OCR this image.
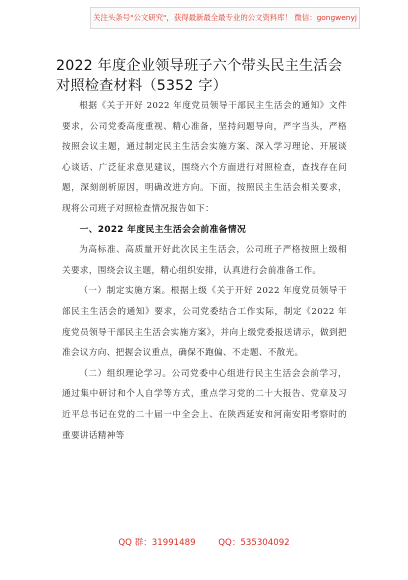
关注头条号"公文研究"，获得最新最全最专业的公文资料库！ 微信：gongwenyj
2022 年度企业领导班子六个带头民主生活会对照检查材料（5352 字）

根据《关于开好 2022 年度党员领导干部民主生活会的通知》文件要求，公司党委高度重视、精心准备，坚持问题导向，严字当头，严格按照会议主题，通过制定民主生活会实施方案、深入学习理论、开展谈心谈话、广泛征求意见建议，围绕六个方面进行对照检查，查找存在问题，深刻剖析原因，明确改进方向。下面，按照民主生活会相关要求，现将公司班子对照检查情况报告如下：

一、2022 年度民主生活会会前准备情况

为高标准、高质量开好此次民主生活会，公司班子严格按照上级相关要求，围绕会议主题，精心组织安排，认真进行会前准备工作。

（一）制定实施方案。根据上级《关于开好 2022 年度党员领导干部民主生活会的通知》要求，公司党委结合工作实际，制定《2022 年度党员领导干部民主生活会实施方案》，并向上级党委报送请示，做到把准会议方向、把握会议重点，确保不跑偏、不走题、不散光。

（二）组织理论学习。公司党委中心组进行民主生活会会前学习，通过集中研讨和个人自学等方式，重点学习党的二十大报告、党章及习近平总书记在党的二十届一中全会上、在陕西延安和河南安阳考察时的重要讲话精神等

QQ 群：31991489	QQ：535304092
